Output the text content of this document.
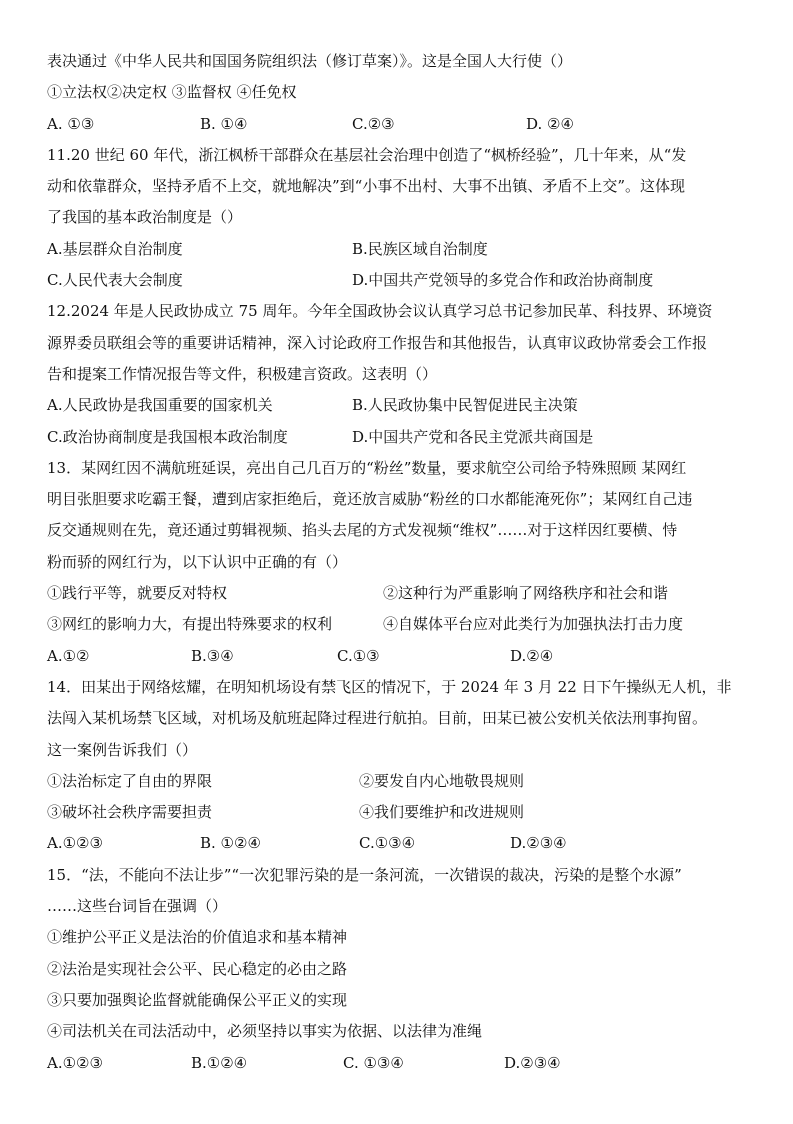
表决通过《中华人民共和国国务院组织法（修订草案）》。这是全国人大行使（）
①立法权②决定权 ③监督权 ④任免权
A. ①③	B. ①④	C.②③	D. ②④
11.20 世纪 60 年代，浙江枫桥干部群众在基层社会治理中创造了“枫桥经验”，几十年来，从“发
动和依靠群众，坚持矛盾不上交，就地解决”到“小事不出村、大事不出镇、矛盾不上交”。这体现
了我国的基本政治制度是（）
A.基层群众自治制度	B.民族区域自治制度
C.人民代表大会制度	D.中国共产党领导的多党合作和政治协商制度
12.2024 年是人民政协成立 75 周年。今年全国政协会议认真学习总书记参加民革、科技界、环境资
源界委员联组会等的重要讲话精神，深入讨论政府工作报告和其他报告，认真审议政协常委会工作报
告和提案工作情况报告等文件，积极建言资政。这表明（）
A.人民政协是我国重要的国家机关	B.人民政协集中民智促进民主决策
C.政治协商制度是我国根本政治制度	D.中国共产党和各民主党派共商国是
13．某网红因不满航班延误，亮出自己几百万的“粉丝”数量，要求航空公司给予特殊照顾 某网红
明目张胆要求吃霸王餐，遭到店家拒绝后，竟还放言威胁“粉丝的口水都能淹死你”；某网红自己违
反交通规则在先，竟还通过剪辑视频、掐头去尾的方式发视频“维权”……对于这样因红要横、恃
粉而骄的网红行为，以下认识中正确的有（）
①践行平等，就要反对特权	②这种行为严重影响了网络秩序和社会和谐
③网红的影响力大，有提出特殊要求的权利	④自媒体平台应对此类行为加强执法打击力度
A.①②	B.③④	C.①③	D.②④
14．田某出于网络炫耀，在明知机场设有禁飞区的情况下，于 2024 年 3 月 22 日下午操纵无人机，非
法闯入某机场禁飞区域，对机场及航班起降过程进行航拍。目前，田某已被公安机关依法刑事拘留。
这一案例告诉我们（）
①法治标定了自由的界限	②要发自内心地敬畏规则
③破坏社会秩序需要担责	④我们要维护和改进规则
A.①②③	B. ①②④	C.①③④	D.②③④
15．“法，不能向不法让步”“一次犯罪污染的是一条河流，一次错误的裁决，污染的是整个水源”
……这些台词旨在强调（）
①维护公平正义是法治的价值追求和基本精神
②法治是实现社会公平、民心稳定的必由之路
③只要加强舆论监督就能确保公平正义的实现
④司法机关在司法活动中，必须坚持以事实为依据、以法律为准绳
A.①②③	B.①②④	C. ①③④	D.②③④
